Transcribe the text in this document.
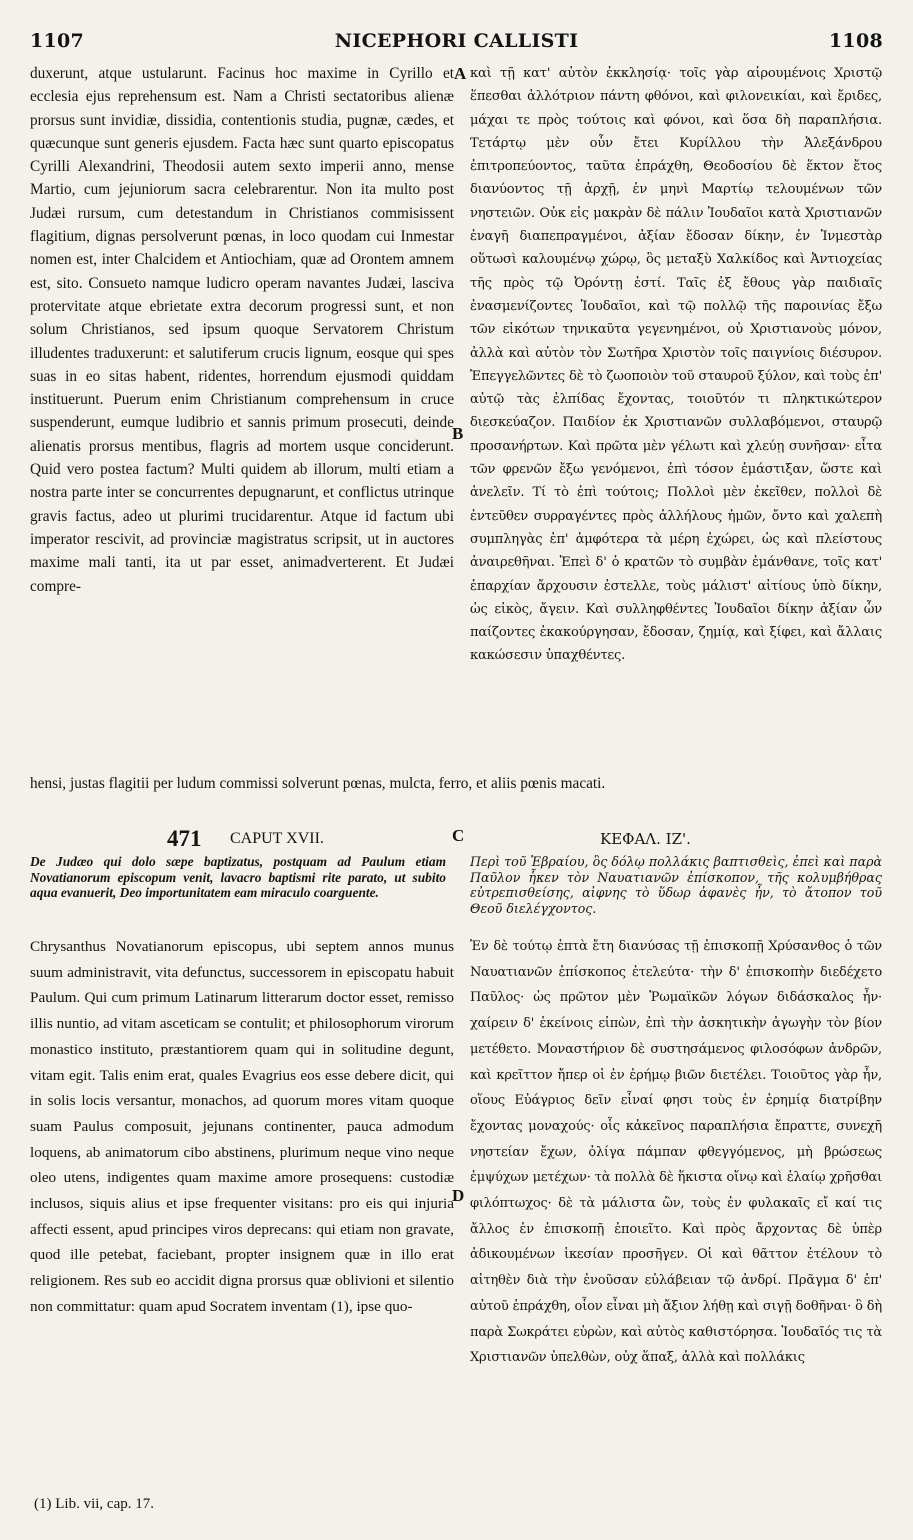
1107	NICEPHORI CALLISTI	1108
A
B
C
D
duxerunt, atque ustularunt. Facinus hoc maxime in Cyrillo et ecclesia ejus reprehensum est. Nam a Christi sectatoribus alienæ prorsus sunt invidiæ, dissidia, contentionis studia, pugnæ, cædes, et quæcunque sunt generis ejusdem. Facta hæc sunt quarto episcopatus Cyrilli Alexandrini, Theodosii autem sexto imperii anno, mense Martio, cum jejuniorum sacra celebrarentur. Non ita multo post Judæi rursum, cum detestandum in Christianos commisissent flagitium, dignas persolverunt pœnas, in loco quodam cui Inmestar nomen est, inter Chalcidem et Antiochiam, quæ ad Orontem amnem est, sito. Consueto namque ludicro operam navantes Judæi, lasciva protervitate atque ebrietate extra decorum progressi sunt, et non solum Christianos, sed ipsum quoque Servatorem Christum illudentes traduxerunt: et salutiferum crucis lignum, eosque qui spes suas in eo sitas habent, ridentes, horrendum ejusmodi quiddam instituerunt. Puerum enim Christianum comprehensum in cruce suspenderunt, eumque ludibrio et sannis primum prosecuti, deinde alienatis prorsus mentibus, flagris ad mortem usque conciderunt. Quid vero postea factum? Multi quidem ab illorum, multi etiam a nostra parte inter se concurrentes depugnarunt, et conflictus utrinque gravis factus, adeo ut plurimi trucidarentur. Atque id factum ubi imperator rescivit, ad provinciæ magistratus scripsit, ut in auctores maxime mali tanti, ita ut par esset, animadverterent. Et Judæi compre-
καὶ τῇ κατ' αὐτὸν ἐκκλησίᾳ· τοῖς γὰρ αἱρουμένοις Χριστῷ ἕπεσθαι ἀλλότριον πάντη φθόνοι, καὶ φιλονεικίαι, καὶ ἔριδες, μάχαι τε πρὸς τούτοις καὶ φόνοι, καὶ ὅσα δὴ παραπλήσια. Τετάρτῳ μὲν οὖν ἔτει Κυρίλλου τὴν Ἀλεξάνδρου ἐπιτροπεύοντος, ταῦτα ἐπράχθη, Θεοδοσίου δὲ ἕκτον ἔτος διανύοντος τῇ ἀρχῇ, ἐν μηνὶ Μαρτίῳ τελουμένων τῶν νηστειῶν. Οὐκ εἰς μακρὰν δὲ πάλιν Ἰουδαῖοι κατὰ Χριστιανῶν ἐναγῆ διαπεπραγμένοι, ἀξίαν ἔδοσαν δίκην, ἐν Ἰνμεστὰρ οὕτωσὶ καλουμένῳ χώρῳ, ὃς μεταξὺ Χαλκίδος καὶ Ἀντιοχείας τῆς πρὸς τῷ Ὀρόντῃ ἐστί. Ταῖς ἐξ ἔθους γὰρ παιδιαῖς ἐνασμενίζοντες Ἰουδαῖοι, καὶ τῷ πολλῷ τῆς παροινίας ἔξω τῶν εἰκότων τηνικαῦτα γεγενημένοι, οὐ Χριστιανοὺς μόνον, ἀλλὰ καὶ αὐτὸν τὸν Σωτῆρα Χριστὸν τοῖς παιγνίοις διέσυρον. Ἐπεγγελῶντες δὲ τὸ ζωοποιὸν τοῦ σταυροῦ ξύλον, καὶ τοὺς ἐπ' αὐτῷ τὰς ἐλπίδας ἔχοντας, τοιοῦτόν τι πληκτικώτερον διεσκεύαζον. Παιδίον ἐκ Χριστιανῶν συλλαβόμενοι, σταυρῷ προσανήρτων. Καὶ πρῶτα μὲν γέλωτι καὶ χλεύῃ συνῆσαν· εἶτα τῶν φρενῶν ἔξω γενόμενοι, ἐπὶ τόσον ἐμάστιξαν, ὥστε καὶ ἀνελεῖν. Τί τὸ ἐπὶ τούτοις; Πολλοὶ μὲν ἐκεῖθεν, πολλοὶ δὲ ἐντεῦθεν συρραγέντες πρὸς ἀλλήλους ἡμῶν, ὄντο καὶ χαλεπὴ συμπληγὰς ἐπ' ἀμφότερα τὰ μέρη ἐχώρει, ὡς καὶ πλείστους ἀναιρεθῆναι. Ἐπεὶ δ' ὁ κρατῶν τὸ συμβὰν ἐμάνθανε, τοῖς κατ' ἐπαρχίαν ἄρχουσιν ἐστελλε, τοὺς μάλιστ' αἰτίους ὑπὸ δίκην, ὡς εἰκὸς, ἄγειν. Καὶ συλληφθέντες Ἰουδαῖοι δίκην ἀξίαν ὧν παίζοντες ἐκακούργησαν, ἔδοσαν, ζημίᾳ, καὶ ξίφει, καὶ ἄλλαις κακώσεσιν ὑπαχθέντες.
hensi, justas flagitii per ludum commissi solverunt pœnas, mulcta, ferro, et aliis pœnis macati.
471 CAPUT XVII.	ΚΕΦΑΛ. ΙΖ'.
De Judæo qui dolo sæpe baptizatus, postquam ad Paulum etiam Novatianorum episcopum venit, lavacro baptismi rite parato, ut subito aqua evanuerit, Deo importunitatem eam miraculo coarguente.
Περὶ τοῦ Ἑβραίου, ὃς δόλῳ πολλάκις βαπτισθεὶς, ἐπεὶ καὶ παρὰ Παῦλον ἧκεν τὸν Ναυατιανῶν ἐπίσκοπον, τῆς κολυμβήθρας εὐτρεπισθείσης, αἰφνης τὸ ὕδωρ ἀφανὲς ἦν, τὸ ἄτοπον τοῦ Θεοῦ διελέγχοντος.
Chrysanthus Novatianorum episcopus, ubi septem annos munus suum administravit, vita defunctus, successorem in episcopatu habuit Paulum. Qui cum primum Latinarum litterarum doctor esset, remisso illis nuntio, ad vitam asceticam se contulit; et philosophorum virorum monastico instituto, præstantiorem quam qui in solitudine degunt, vitam egit. Talis enim erat, quales Evagrius eos esse debere dicit, qui in solis locis versantur, monachos, ad quorum mores vitam quoque suam Paulus composuit, jejunans continenter, pauca admodum loquens, ab animatorum cibo abstinens, plurimum neque vino neque oleo utens, indigentes quam maxime amore prosequens: custodiæ inclusos, siquis alius et ipse frequenter visitans: pro eis qui injuria affecti essent, apud principes viros deprecans: qui etiam non gravate, quod ille petebat, faciebant, propter insignem quæ in illo erat religionem. Res sub eo accidit digna prorsus quæ oblivioni et silentio non committatur: quam apud Socratem inventam (1), ipse quo-
Ἐν δὲ τούτῳ ἑπτὰ ἔτη διανύσας τῇ ἐπισκοπῇ Χρύσανθος ὁ τῶν Ναυατιανῶν ἐπίσκοπος ἐτελεύτα· τὴν δ' ἐπισκοπὴν διεδέχετο Παῦλος· ὡς πρῶτον μὲν Ῥωμαϊκῶν λόγων διδάσκαλος ἦν· χαίρειν δ' ἐκείνοις εἰπὼν, ἐπὶ τὴν ἀσκητικὴν ἀγωγὴν τὸν βίον μετέθετο. Μοναστήριον δὲ συστησάμενος φιλοσόφων ἀνδρῶν, καὶ κρεῖττον ἤπερ οἱ ἐν ἐρήμῳ βιῶν διετέλει. Τοιοῦτος γὰρ ἦν, οἵους Εὐάγριος δεῖν εἶναί φησι τοὺς ἐν ἐρημίᾳ διατρίβην ἔχοντας μοναχούς· οἷς κἀκεῖνος παραπλήσια ἔπραττε, συνεχῆ νηστείαν ἔχων, ὀλίγα πάμπαν φθεγγόμενος, μὴ βρώσεως ἐμψύχων μετέχων· τὰ πολλὰ δὲ ἥκιστα οἴνῳ καὶ ἐλαίῳ χρῆσθαι φιλόπτωχος· δὲ τὰ μάλιστα ὢν, τοὺς ἐν φυλακαῖς εἴ καί τις ἄλλος ἐν ἐπισκοπῇ ἐποιεῖτο. Καὶ πρὸς ἄρχοντας δὲ ὑπὲρ ἀδικουμένων ἱκεσίαν προσῆγεν. Οἱ καὶ θᾶττον ἐτέλουν τὸ αἰτηθὲν διὰ τὴν ἐνοῦσαν εὐλάβειαν τῷ ἀνδρί. Πρᾶγμα δ' ἐπ' αὐτοῦ ἐπράχθη, οἷον εἶναι μὴ ἄξιον λήθῃ καὶ σιγῇ δοθῆναι· ὃ δὴ παρὰ Σωκράτει εὑρὼν, καὶ αὐτὸς καθιστόρησα. Ἰουδαῖός τις τὰ Χριστιανῶν ὑπελθὼν, οὐχ ἅπαξ, ἀλλὰ καὶ πολλάκις
(1) Lib. vii, cap. 17.
